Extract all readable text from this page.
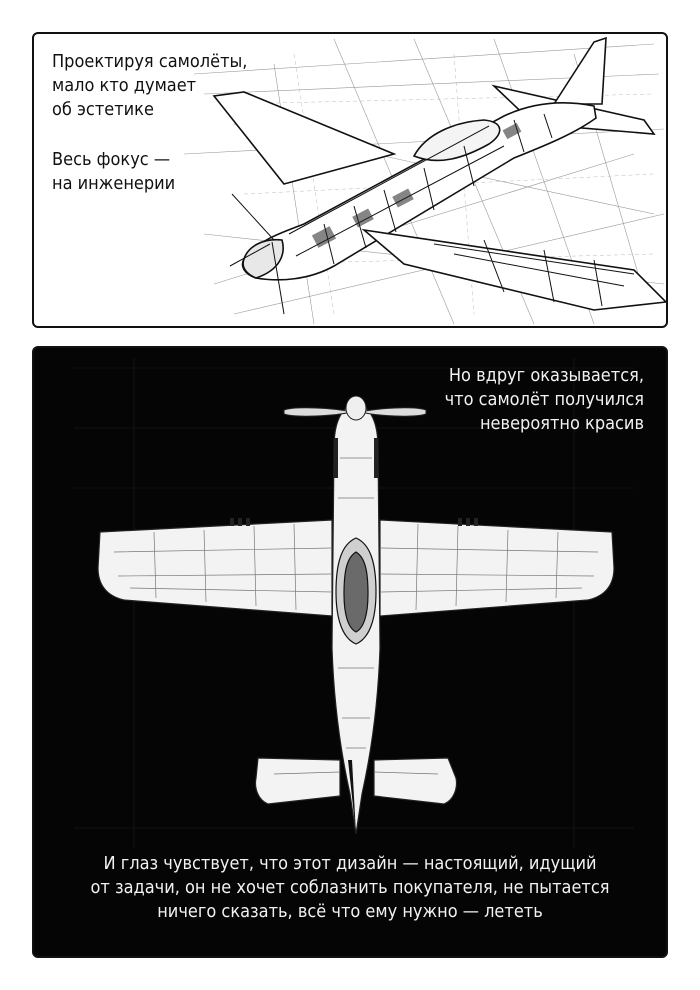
Проектируя самолёты,
мало кто думает
об эстетике

Весь фокус —
на инженерии

Но вдруг оказывается,
что самолёт получился
невероятно красив

И глаз чувствует, что этот дизайн — настоящий, идущий
от задачи, он не хочет соблазнить покупателя, не пытается
ничего сказать, всё что ему нужно — лететь
